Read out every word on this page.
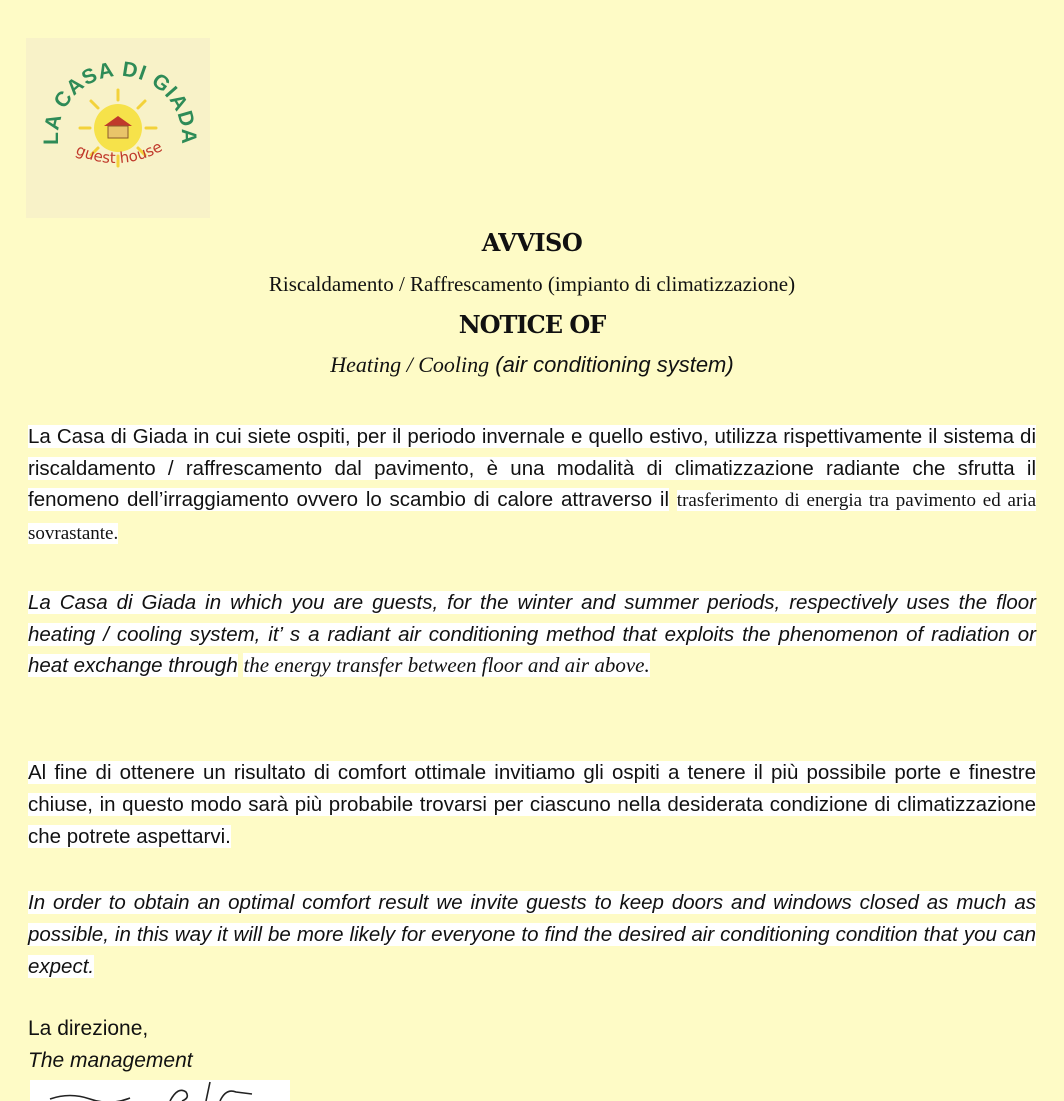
LA CASA DI GIADA
guest house
AVVISO
Riscaldamento / Raffrescamento (impianto di climatizzazione)
NOTICE OF
Heating / Cooling (air conditioning system)
La Casa di Giada in cui siete ospiti, per il periodo invernale e quello estivo, utilizza rispettivamente il sistema di riscaldamento / raffrescamento dal pavimento, è una modalità di climatizzazione radiante che sfrutta il fenomeno dell’irraggiamento ovvero lo scambio di calore attraverso il trasferimento di energia tra pavimento ed aria sovrastante.
La Casa di Giada in which you are guests, for the winter and summer periods, respectively uses the floor heating / cooling system, it’ s a radiant air conditioning method that exploits the phenomenon of radiation or heat exchange through the energy transfer between floor and air above.
Al fine di ottenere un risultato di comfort ottimale invitiamo gli ospiti a tenere il più possibile porte e finestre chiuse, in questo modo sarà più probabile trovarsi per ciascuno nella desiderata condizione di climatizzazione che potrete aspettarvi.
In order to obtain an optimal comfort result we invite guests to keep doors and windows closed as much as possible, in this way it will be more likely for everyone to find the desired air conditioning condition that you can expect.
La direzione,
The management
